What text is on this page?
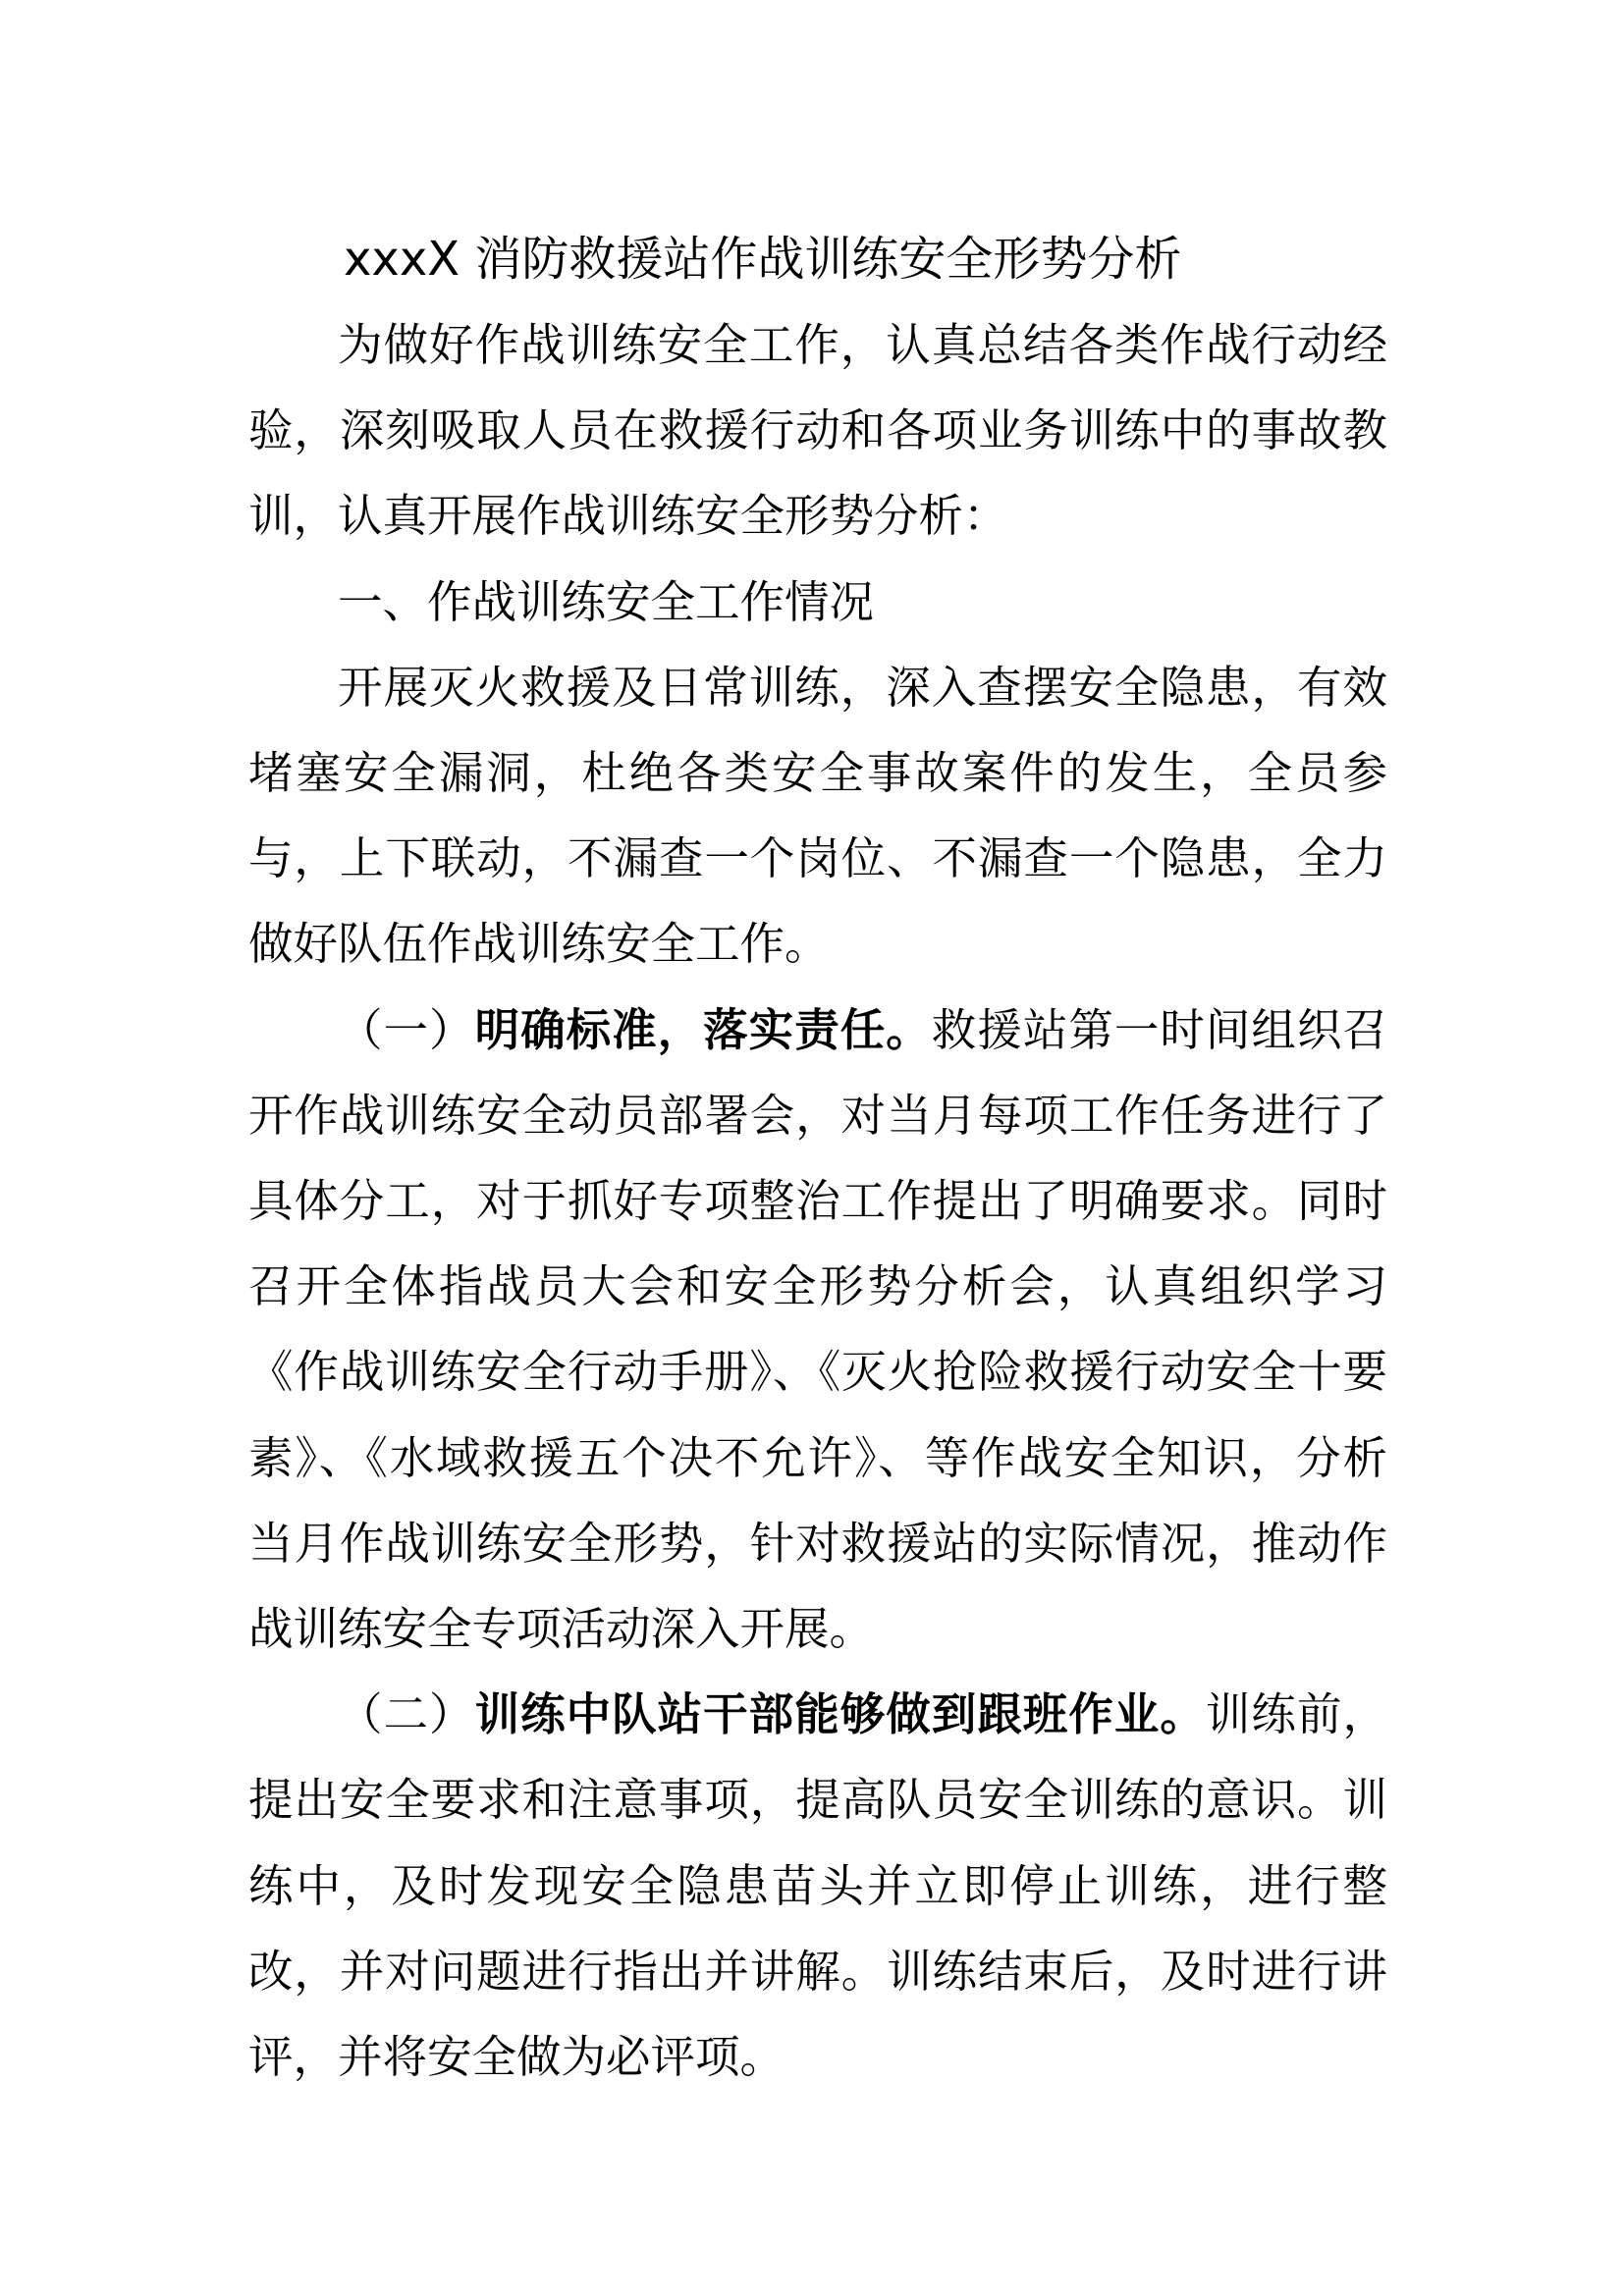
xxxX 消防救援站作战训练安全形势分析

为做好作战训练安全工作，认真总结各类作战行动经验，深刻吸取人员在救援行动和各项业务训练中的事故教训，认真开展作战训练安全形势分析：

一、作战训练安全工作情况

开展灭火救援及日常训练，深入查摆安全隐患，有效堵塞安全漏洞，杜绝各类安全事故案件的发生，全员参与，上下联动，不漏查一个岗位、不漏查一个隐患，全力做好队伍作战训练安全工作。

（一）明确标准，落实责任。救援站第一时间组织召开作战训练安全动员部署会，对当月每项工作任务进行了具体分工，对于抓好专项整治工作提出了明确要求。同时召开全体指战员大会和安全形势分析会，认真组织学习《作战训练安全行动手册》、《灭火抢险救援行动安全十要素》、《水域救援五个决不允许》、等作战安全知识，分析当月作战训练安全形势，针对救援站的实际情况，推动作战训练安全专项活动深入开展。

（二）训练中队站干部能够做到跟班作业。训练前，提出安全要求和注意事项，提高队员安全训练的意识。训练中，及时发现安全隐患苗头并立即停止训练，进行整改，并对问题进行指出并讲解。训练结束后，及时进行讲评，并将安全做为必评项。
